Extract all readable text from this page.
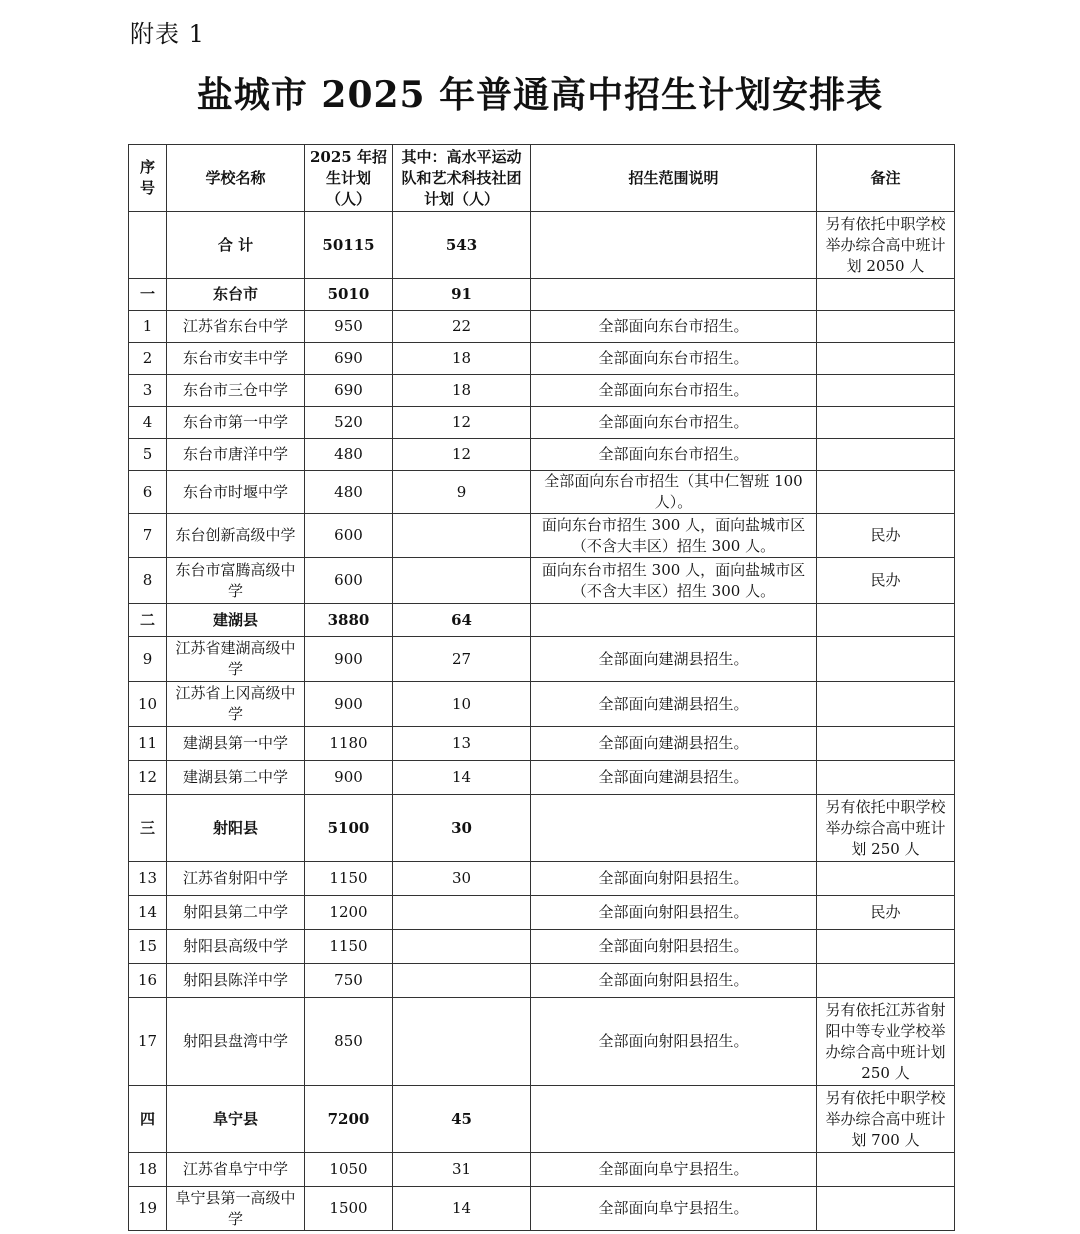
附表 1
盐城市 2025 年普通高中招生计划安排表
序号	学校名称	2025 年招生计划（人）	其中：高水平运动队和艺术科技社团计划（人）	招生范围说明	备注
	合 计	50115	543		另有依托中职学校举办综合高中班计划 2050 人
一	东台市	5010	91		
1	江苏省东台中学	950	22	全部面向东台市招生。	
2	东台市安丰中学	690	18	全部面向东台市招生。	
3	东台市三仓中学	690	18	全部面向东台市招生。	
4	东台市第一中学	520	12	全部面向东台市招生。	
5	东台市唐洋中学	480	12	全部面向东台市招生。	
6	东台市时堰中学	480	9	全部面向东台市招生（其中仁智班 100 人）。	
7	东台创新高级中学	600		面向东台市招生 300 人，面向盐城市区（不含大丰区）招生 300 人。	民办
8	东台市富腾高级中学	600		面向东台市招生 300 人，面向盐城市区（不含大丰区）招生 300 人。	民办
二	建湖县	3880	64		
9	江苏省建湖高级中学	900	27	全部面向建湖县招生。	
10	江苏省上冈高级中学	900	10	全部面向建湖县招生。	
11	建湖县第一中学	1180	13	全部面向建湖县招生。	
12	建湖县第二中学	900	14	全部面向建湖县招生。	
三	射阳县	5100	30		另有依托中职学校举办综合高中班计划 250 人
13	江苏省射阳中学	1150	30	全部面向射阳县招生。	
14	射阳县第二中学	1200		全部面向射阳县招生。	民办
15	射阳县高级中学	1150		全部面向射阳县招生。	
16	射阳县陈洋中学	750		全部面向射阳县招生。	
17	射阳县盘湾中学	850		全部面向射阳县招生。	另有依托江苏省射阳中等专业学校举办综合高中班计划 250 人
四	阜宁县	7200	45		另有依托中职学校举办综合高中班计划 700 人
18	江苏省阜宁中学	1050	31	全部面向阜宁县招生。	
19	阜宁县第一高级中学	1500	14	全部面向阜宁县招生。	
